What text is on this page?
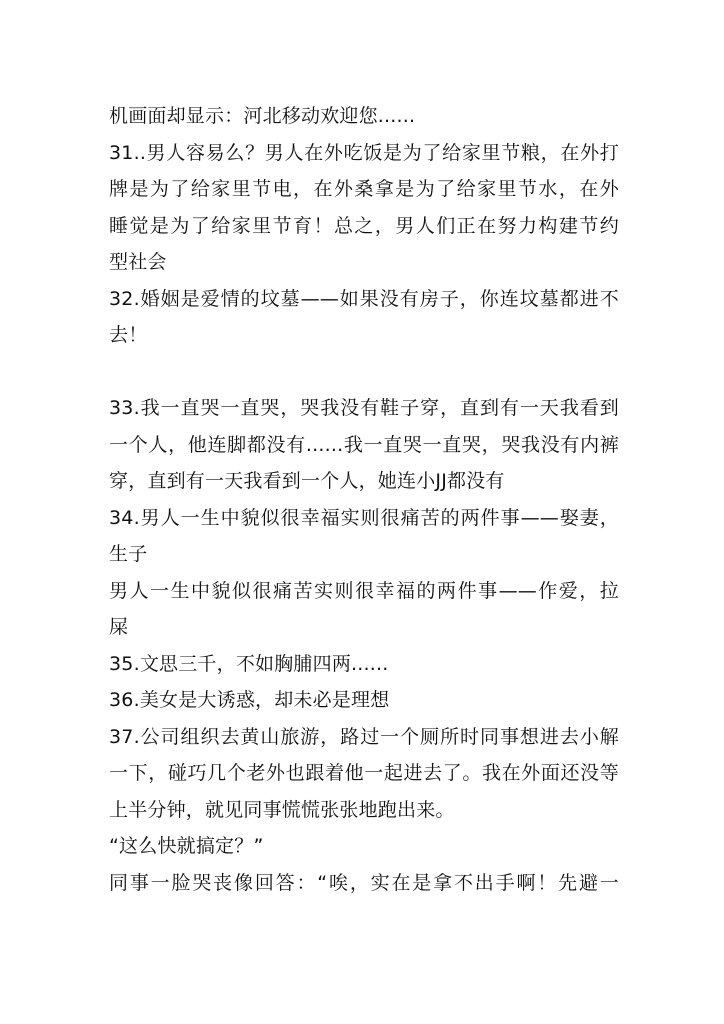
机画面却显示：河北移动欢迎您......
31..男人容易么？男人在外吃饭是为了给家里节粮，在外打
牌是为了给家里节电，在外桑拿是为了给家里节水，在外
睡觉是为了给家里节育！总之，男人们正在努力构建节约
型社会
32.婚姻是爱情的坟墓——如果没有房子，你连坟墓都进不
去！
33.我一直哭一直哭，哭我没有鞋子穿，直到有一天我看到
一个人，他连脚都没有......我一直哭一直哭，哭我没有内裤
穿，直到有一天我看到一个人，她连小JJ都没有
34.男人一生中貌似很幸福实则很痛苦的两件事——娶妻，
生子
男人一生中貌似很痛苦实则很幸福的两件事——作爱，拉
屎
35.文思三千，不如胸脯四两......
36.美女是大诱惑，却未必是理想
37.公司组织去黄山旅游，路过一个厕所时同事想进去小解
一下，碰巧几个老外也跟着他一起进去了。我在外面还没等
上半分钟，就见同事慌慌张张地跑出来。
“这么快就搞定？”
同事一脸哭丧像回答：“唉，实在是拿不出手啊！先避一
